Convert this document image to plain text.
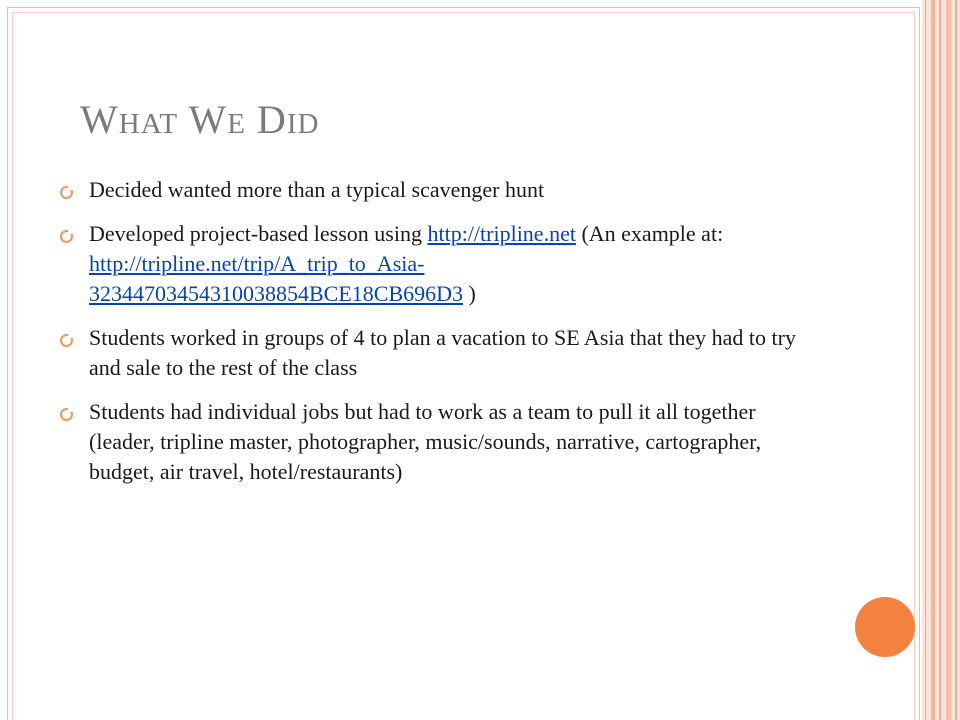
WHAT WE DID
Decided wanted more than a typical scavenger hunt
Developed project-based lesson using http://tripline.net (An example at: http://tripline.net/trip/A_trip_to_Asia-
32344703454310038854BCE18CB696D3 )
Students worked in groups of 4 to plan a vacation to SE Asia that they had to try and sale to the rest of the class
Students had individual jobs but had to work as a team to pull it all together (leader, tripline master, photographer, music/sounds, narrative, cartographer, budget, air travel, hotel/restaurants)
